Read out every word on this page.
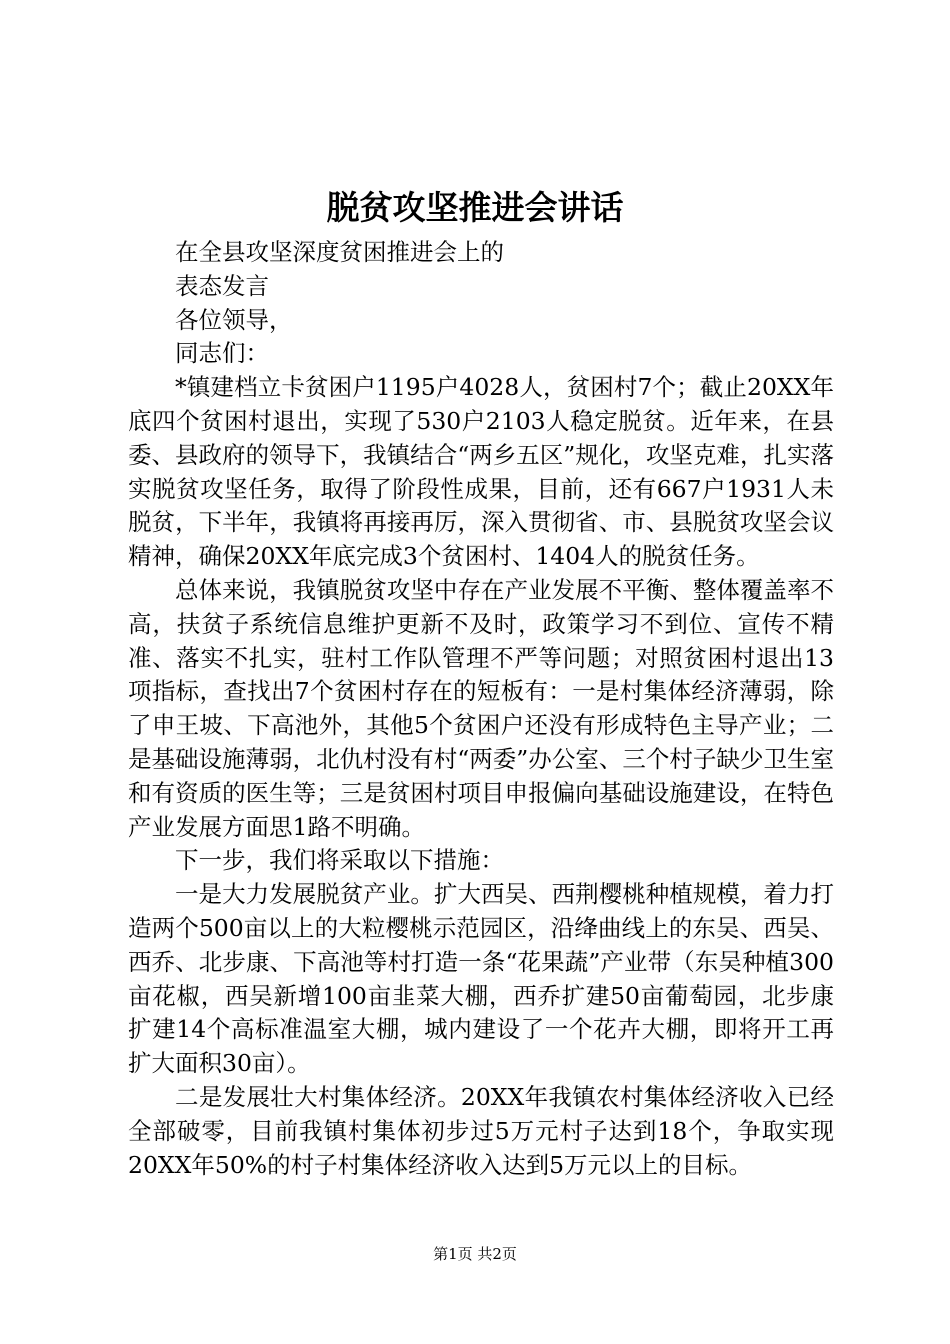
脱贫攻坚推进会讲话

在全县攻坚深度贫困推进会上的

表态发言

各位领导，

同志们：

*镇建档立卡贫困户1195户4028人，贫困村7个；截止20XX年底四个贫困村退出，实现了530户2103人稳定脱贫。近年来，在县委、县政府的领导下，我镇结合“两乡五区”规化，攻坚克难，扎实落实脱贫攻坚任务，取得了阶段性成果，目前，还有667户1931人未脱贫，下半年，我镇将再接再厉，深入贯彻省、市、县脱贫攻坚会议精神，确保20XX年底完成3个贫困村、1404人的脱贫任务。

总体来说，我镇脱贫攻坚中存在产业发展不平衡、整体覆盖率不高，扶贫子系统信息维护更新不及时，政策学习不到位、宣传不精准、落实不扎实，驻村工作队管理不严等问题；对照贫困村退出13项指标，查找出7个贫困村存在的短板有：一是村集体经济薄弱，除了申王坡、下高池外，其他5个贫困户还没有形成特色主导产业；二是基础设施薄弱，北仇村没有村“两委”办公室、三个村子缺少卫生室和有资质的医生等；三是贫困村项目申报偏向基础设施建设，在特色产业发展方面思1路不明确。

下一步，我们将采取以下措施：

一是大力发展脱贫产业。扩大西吴、西荆樱桃种植规模，着力打造两个500亩以上的大粒樱桃示范园区，沿绛曲线上的东吴、西吴、西乔、北步康、下高池等村打造一条“花果蔬”产业带（东吴种植300亩花椒，西吴新增100亩韭菜大棚，西乔扩建50亩葡萄园，北步康扩建14个高标准温室大棚，城内建设了一个花卉大棚，即将开工再扩大面积30亩）。

二是发展壮大村集体经济。20XX年我镇农村集体经济收入已经全部破零，目前我镇村集体初步过5万元村子达到18个，争取实现20XX年50%的村子村集体经济收入达到5万元以上的目标。

第1页 共2页
